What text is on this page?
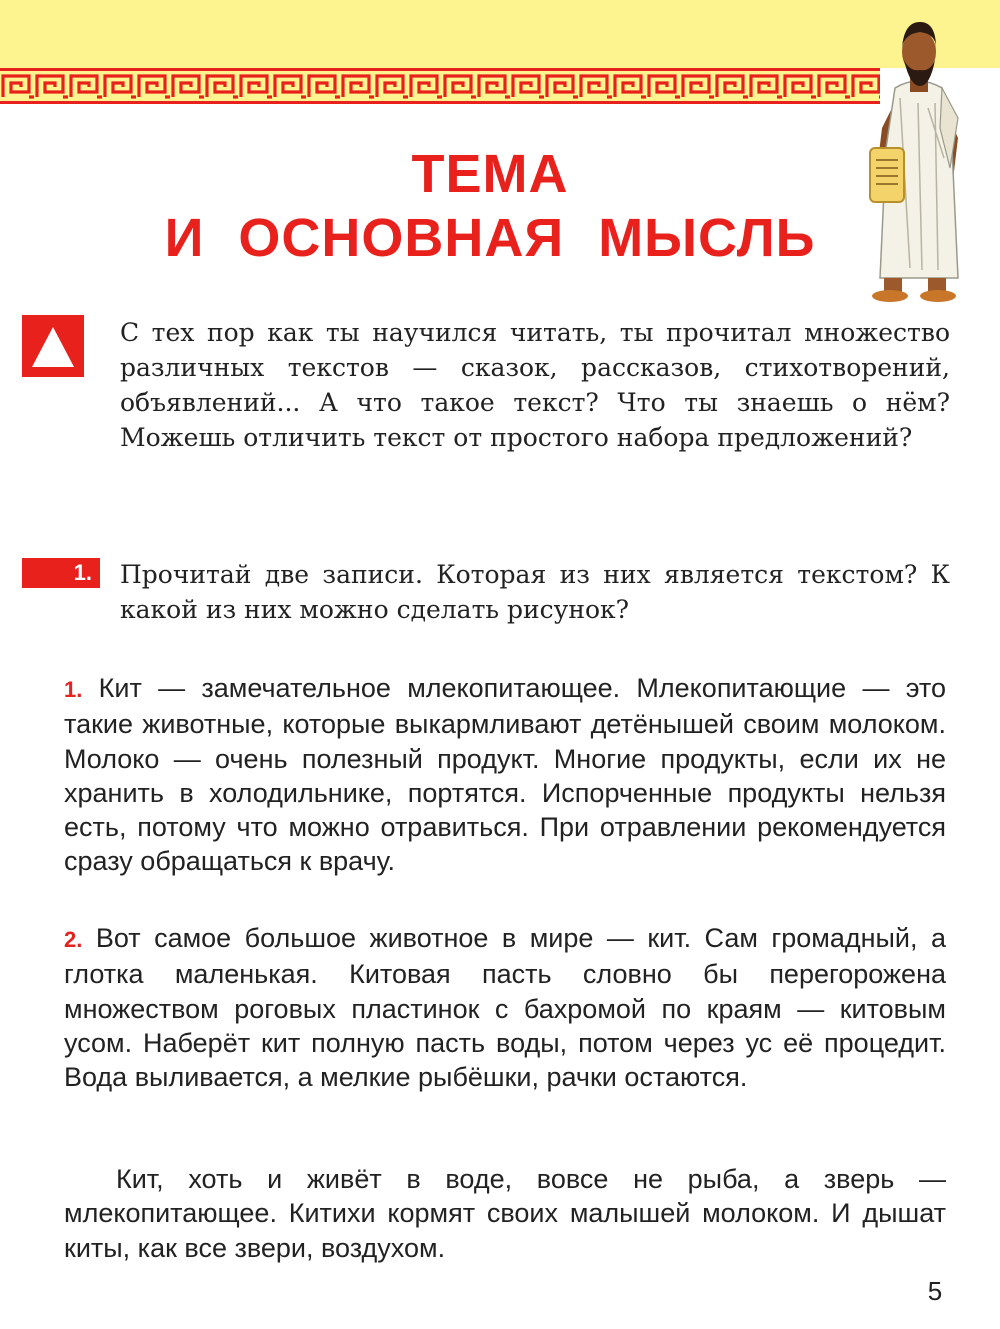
ТЕМА
И ОСНОВНАЯ МЫСЛЬ
С тех пор как ты научился читать, ты прочитал множество различных текстов — сказок, рассказов, стихотворений, объявлений... А что такое текст? Что ты знаешь о нём? Можешь отличить текст от простого набора предложений?
1.	Прочитай две записи. Которая из них является текстом? К какой из них можно сделать рисунок?
1. Кит — замечательное млекопитающее. Млекопитающие — это такие животные, которые выкармливают детёнышей своим молоком. Молоко — очень полезный продукт. Многие продукты, если их не хранить в холодильнике, портятся. Испорченные продукты нельзя есть, потому что можно отравиться. При отравлении рекомендуется сразу обращаться к врачу.
2. Вот самое большое животное в мире — кит. Сам громадный, а глотка маленькая. Китовая пасть словно бы перегорожена множеством роговых пластинок с бахромой по краям — китовым усом. Наберёт кит полную пасть воды, потом через ус её процедит. Вода выливается, а мелкие рыбёшки, рачки остаются.
Кит, хоть и живёт в воде, вовсе не рыба, а зверь — млекопитающее. Китихи кормят своих малышей молоком. И дышат киты, как все звери, воздухом.
5
